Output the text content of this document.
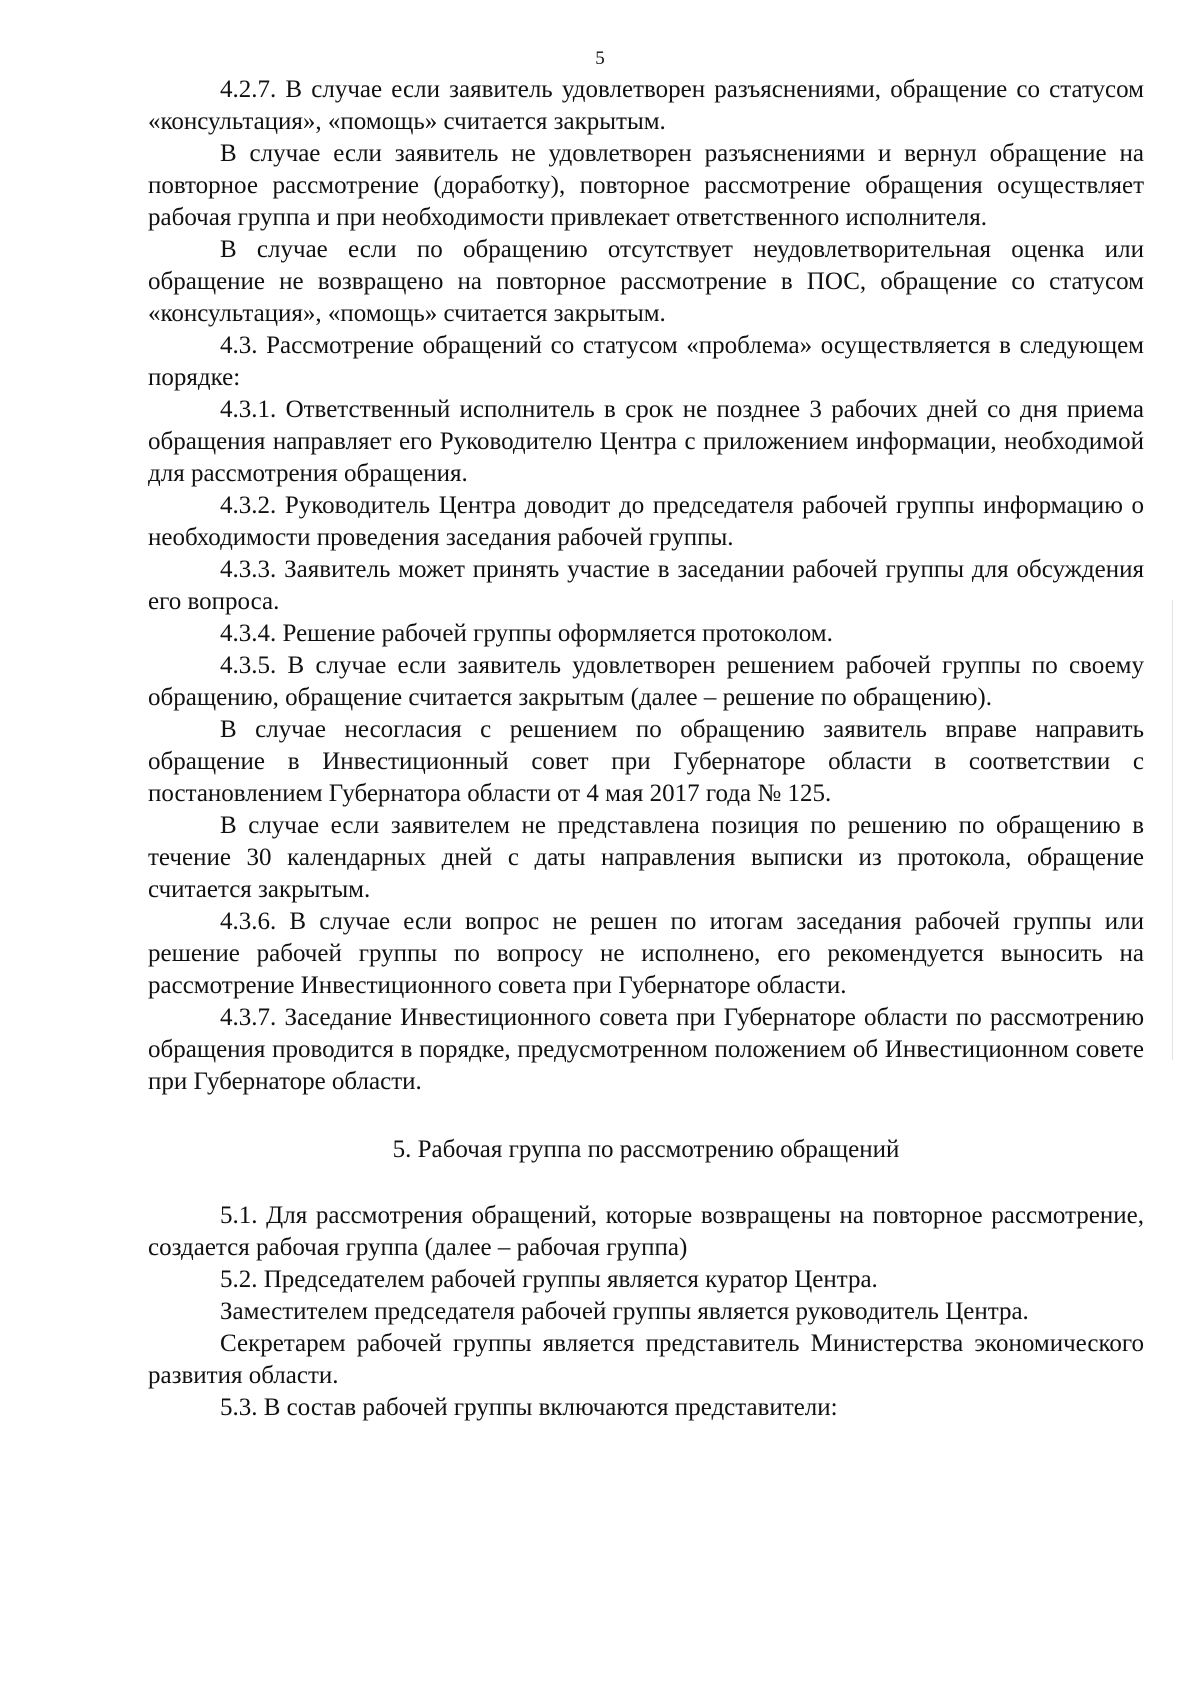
5

4.2.7. В случае если заявитель удовлетворен разъяснениями, обращение со статусом «консультация», «помощь» считается закрытым.

В случае если заявитель не удовлетворен разъяснениями и вернул обращение на повторное рассмотрение (доработку), повторное рассмотрение обращения осуществляет рабочая группа и при необходимости привлекает ответственного исполнителя.

В случае если по обращению отсутствует неудовлетворительная оценка или обращение не возвращено на повторное рассмотрение в ПОС, обращение со статусом «консультация», «помощь» считается закрытым.

4.3. Рассмотрение обращений со статусом «проблема» осуществляется в следующем порядке:

4.3.1. Ответственный исполнитель в срок не позднее 3 рабочих дней со дня приема обращения направляет его Руководителю Центра с приложением информации, необходимой для рассмотрения обращения.

4.3.2. Руководитель Центра доводит до председателя рабочей группы информацию о необходимости проведения заседания рабочей группы.

4.3.3. Заявитель может принять участие в заседании рабочей группы для обсуждения его вопроса.

4.3.4. Решение рабочей группы оформляется протоколом.

4.3.5. В случае если заявитель удовлетворен решением рабочей группы по своему обращению, обращение считается закрытым (далее – решение по обращению).

В случае несогласия с решением по обращению заявитель вправе направить обращение в Инвестиционный совет при Губернаторе области в соответствии с постановлением Губернатора области от 4 мая 2017 года № 125.

В случае если заявителем не представлена позиция по решению по обращению в течение 30 календарных дней с даты направления выписки из протокола, обращение считается закрытым.

4.3.6. В случае если вопрос не решен по итогам заседания рабочей группы или решение рабочей группы по вопросу не исполнено, его рекомендуется выносить на рассмотрение Инвестиционного совета при Губернаторе области.

4.3.7. Заседание Инвестиционного совета при Губернаторе области по рассмотрению обращения проводится в порядке, предусмотренном положением об Инвестиционном совете при Губернаторе области.

5. Рабочая группа по рассмотрению обращений

5.1. Для рассмотрения обращений, которые возвращены на повторное рассмотрение, создается рабочая группа (далее – рабочая группа)

5.2. Председателем рабочей группы является куратор Центра.

Заместителем председателя рабочей группы является руководитель Центра.

Секретарем рабочей группы является представитель Министерства экономического развития области.

5.3. В состав рабочей группы включаются представители:
